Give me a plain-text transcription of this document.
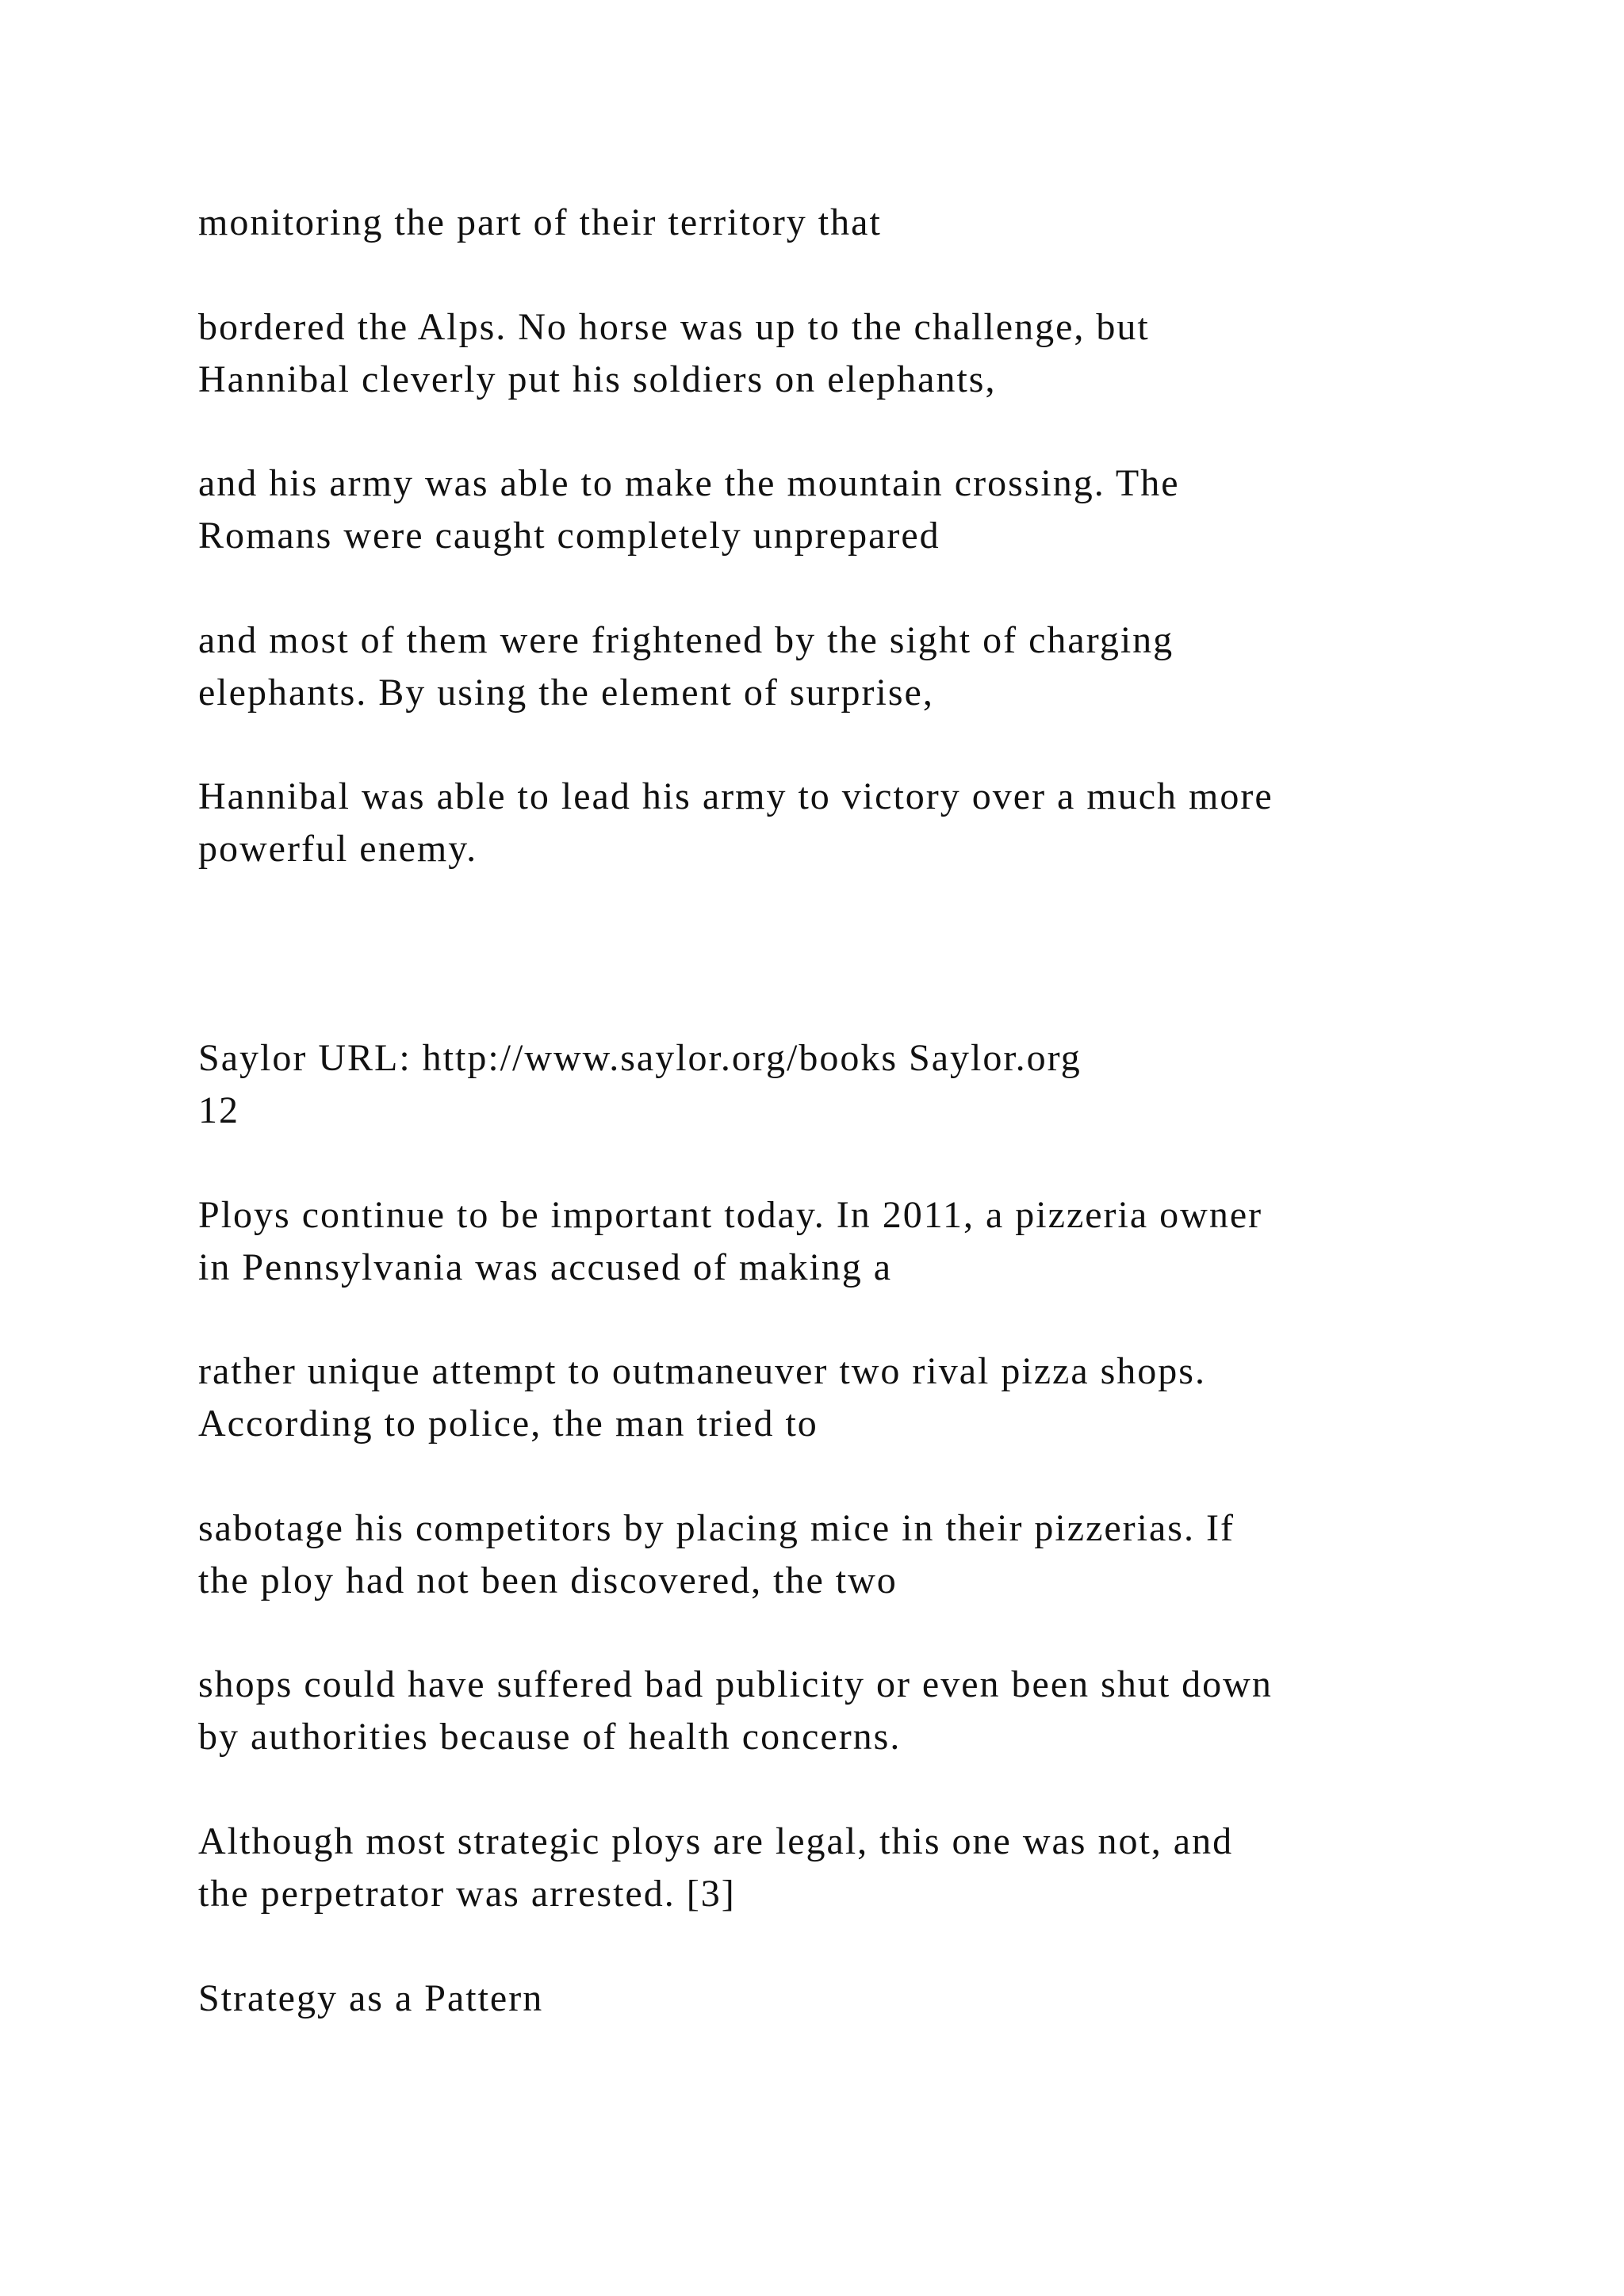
monitoring the part of their territory that

bordered the Alps. No horse was up to the challenge, but
Hannibal cleverly put his soldiers on elephants,

and his army was able to make the mountain crossing. The
Romans were caught completely unprepared

and most of them were frightened by the sight of charging
elephants. By using the element of surprise,

Hannibal was able to lead his army to victory over a much more
powerful enemy.

Saylor URL: http://www.saylor.org/books Saylor.org
12

Ploys continue to be important today. In 2011, a pizzeria owner
in Pennsylvania was accused of making a

rather unique attempt to outmaneuver two rival pizza shops.
According to police, the man tried to

sabotage his competitors by placing mice in their pizzerias. If
the ploy had not been discovered, the two

shops could have suffered bad publicity or even been shut down
by authorities because of health concerns.

Although most strategic ploys are legal, this one was not, and
the perpetrator was arrested. [3]

Strategy as a Pattern
